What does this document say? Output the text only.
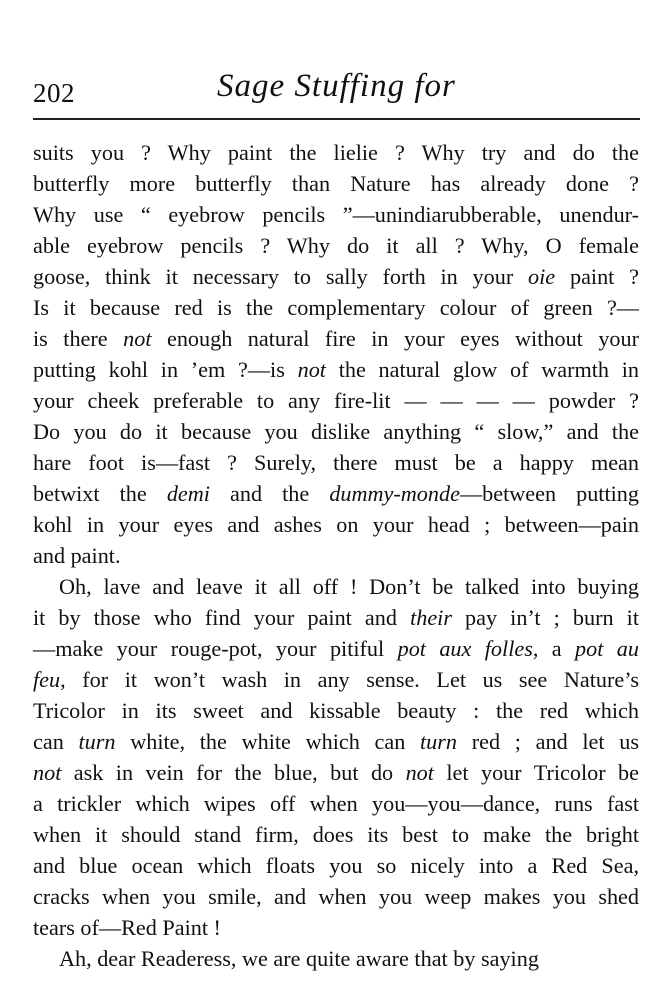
202	Sage Stuffing for
suits you ? Why paint the lielie ? Why try and do the
butterfly more butterfly than Nature has already done ?
Why use “ eyebrow pencils ”—unindiarubberable, unendur-
able eyebrow pencils ? Why do it all ? Why, O female
goose, think it necessary to sally forth in your oie paint ?
Is it because red is the complementary colour of green ?—
is there not enough natural fire in your eyes without your
putting kohl in ’em ?—is not the natural glow of warmth in
your cheek preferable to any fire-lit — — — — powder ?
Do you do it because you dislike anything “ slow,” and the
hare foot is—fast ? Surely, there must be a happy mean
betwixt the demi and the dummy-monde—between putting
kohl in your eyes and ashes on your head ; between—pain
and paint.
Oh, lave and leave it all off ! Don’t be talked into buying
it by those who find your paint and their pay in’t ; burn it
—make your rouge-pot, your pitiful pot aux folles, a pot au
feu, for it won’t wash in any sense. Let us see Nature’s
Tricolor in its sweet and kissable beauty : the red which
can turn white, the white which can turn red ; and let us
not ask in vein for the blue, but do not let your Tricolor be
a trickler which wipes off when you—you—dance, runs fast
when it should stand firm, does its best to make the bright
and blue ocean which floats you so nicely into a Red Sea,
cracks when you smile, and when you weep makes you shed
tears of—Red Paint !
Ah, dear Readeress, we are quite aware that by saying
